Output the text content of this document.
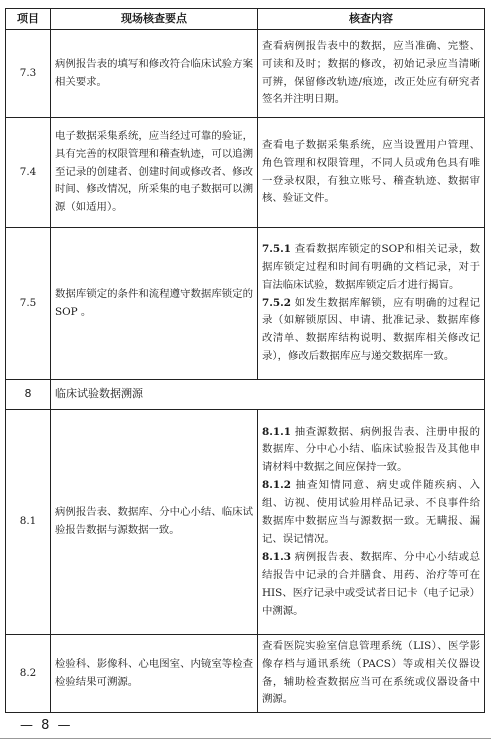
项目	现场核查要点	核查内容
7.3	病例报告表的填写和修改符合临床试验方案相关要求。	查看病例报告表中的数据，应当准确、完整、可读和及时；数据的修改，初始记录应当清晰可辨，保留修改轨迹/痕迹，改正处应有研究者签名并注明日期。
7.4	电子数据采集系统，应当经过可靠的验证，具有完善的权限管理和稽查轨迹，可以追溯至记录的创建者、创建时间或修改者、修改时间、修改情况，所采集的电子数据可以溯源（如适用）。	查看电子数据采集系统，应当设置用户管理、角色管理和权限管理，不同人员或角色具有唯一登录权限，有独立账号、稽查轨迹、数据审核、验证文件。
7.5	数据库锁定的条件和流程遵守数据库锁定的SOP 。	7.5.1 查看数据库锁定的SOP和相关记录，数据库锁定过程和时间有明确的文档记录，对于盲法临床试验，数据库锁定后才进行揭盲。
7.5.2 如发生数据库解锁，应有明确的过程记录（如解锁原因、申请、批准记录、数据库修改清单、数据库结构说明、数据库相关修改记录），修改后数据库应与递交数据库一致。

8	临床试验数据溯源	
8.1	病例报告表、数据库、分中心小结、临床试验报告数据与源数据一致。	8.1.1 抽查源数据、病例报告表、注册申报的数据库、分中心小结、临床试验报告及其他申请材料中数据之间应保持一致。
8.1.2 抽查知情同意、病史或伴随疾病、入组、访视、使用试验用样品记录、不良事件给数据库中数据应当与源数据一致。无瞒报、漏记、误记情况。
8.1.3 病例报告表、数据库、分中心小结或总结报告中记录的合并膳食、用药、治疗等可在HIS、医疗记录中或受试者日记卡（电子记录）中溯源。

8.2	检验科、影像科、心电图室、内镜室等检查检验结果可溯源。	查看医院实验室信息管理系统（LIS）、医学影像存档与通讯系统（PACS）等或相关仪器设备，辅助检查数据应当可在系统或仪器设备中溯源。
— 8 —
